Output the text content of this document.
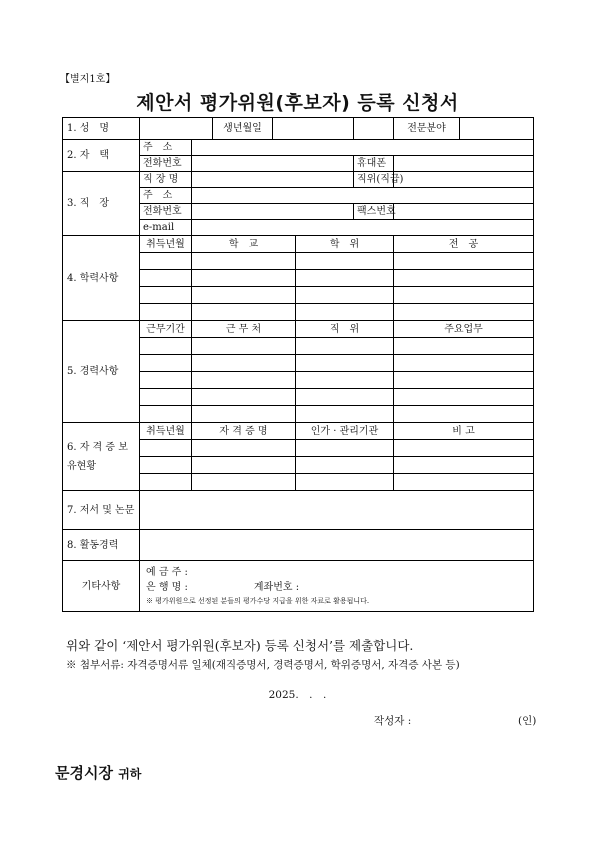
【별지1호】
제안서 평가위원(후보자) 등록 신청서
1. 성　명			생년월일				전문분야	
2. 자　택	주　소							
	전화번호					휴대폰		
3. 직　장	직 장 명					직위(직급)		
	주　소							
	전화번호					팩스번호		
	e-mail							
4. 학력사항	취득년월	학　교			학　위		전　공	

5. 경력사항	근무기간	근 무 처			직　위		주요업무	

6. 자 격 증 보유현황	취득년월	자 격 증 명			인가 · 관리기관		비 고	

7. 저서 및 논문								
8. 활동경력								
기타사항	예 금 주 :
은 행 명 : 계좌번호 :
※ 평가위원으로 선정된 분들의 평가수당 지급을 위한 자료로 활용됩니다.							
위와 같이 ‘제안서 평가위원(후보자) 등록 신청서’를 제출합니다.
※ 첨부서류: 자격증명서류 일체(재직증명서, 경력증명서, 학위증명서, 자격증 사본 등)
2025.　.　.
작성자 :	(인)
문경시장 귀하
